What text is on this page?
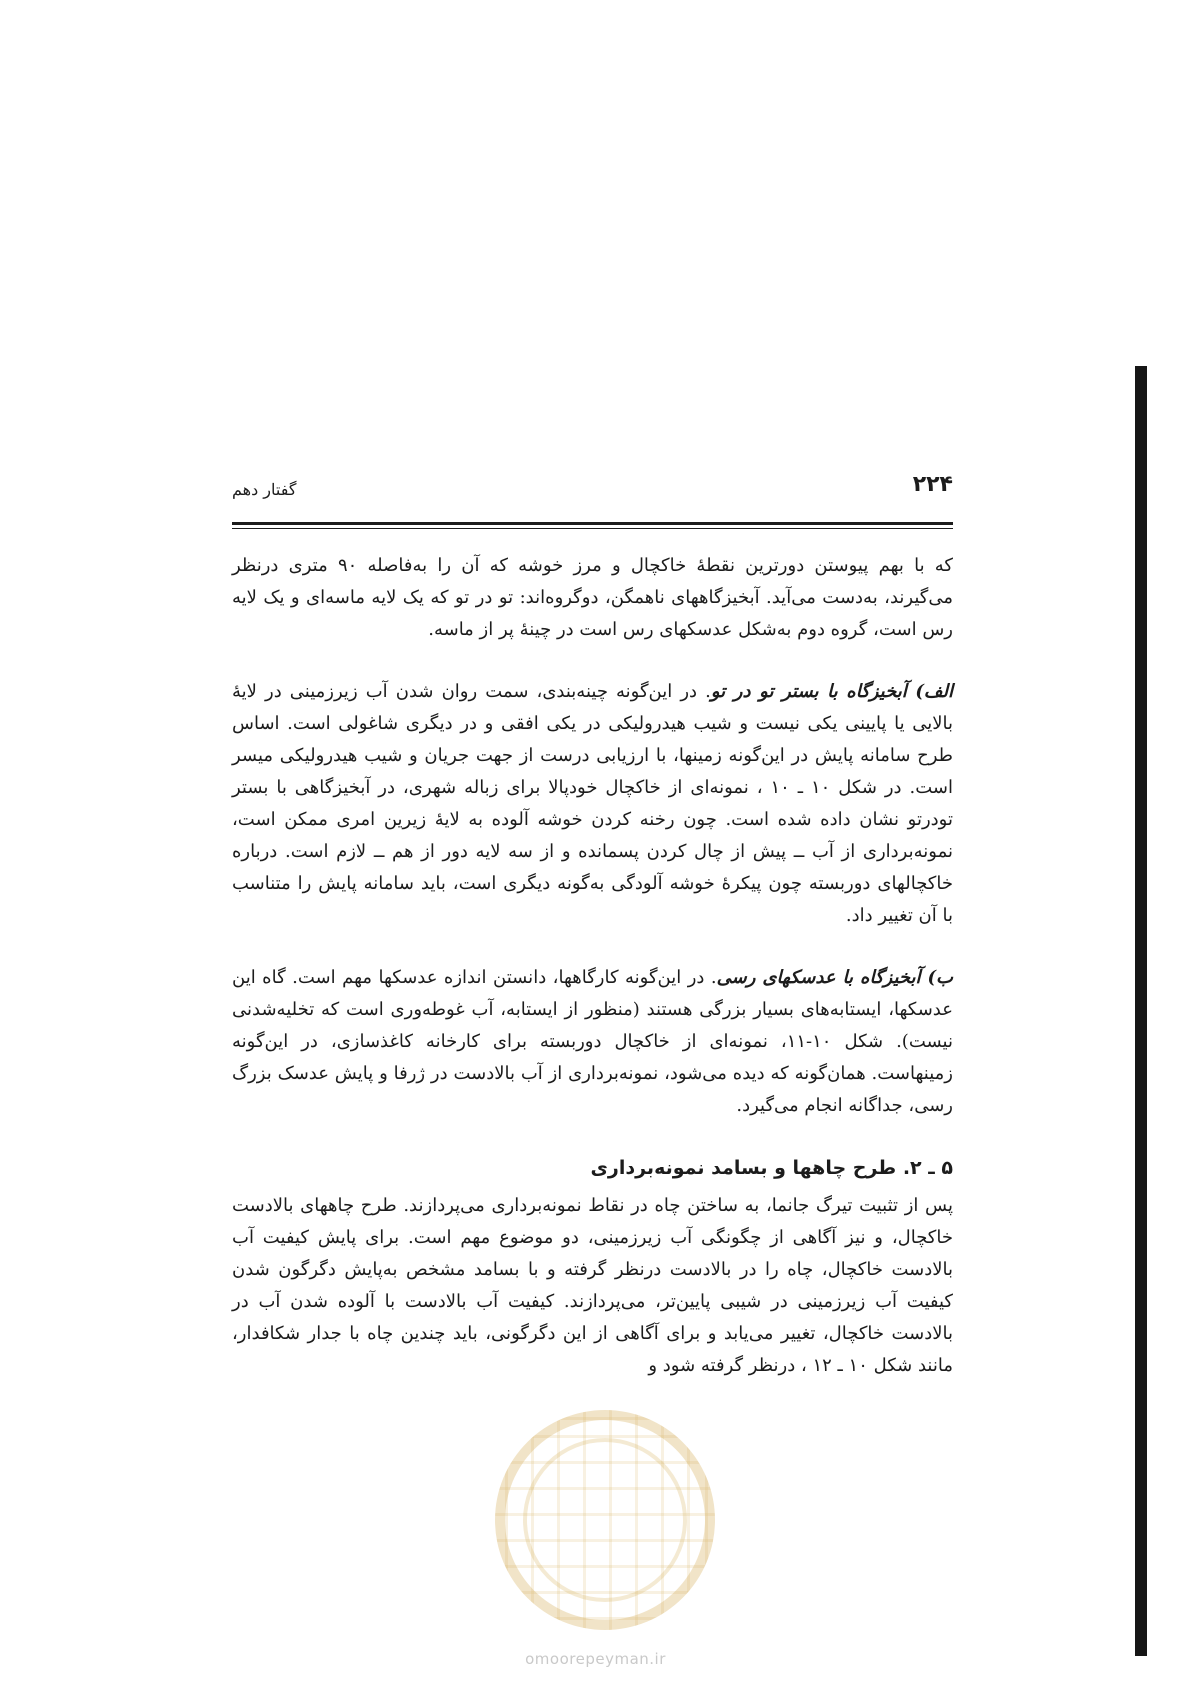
۲۲۴
گفتار دهم

که با بهم پیوستن دورترین نقطهٔ خاکچال و مرز خوشه که آن را به‌فاصله ۹۰ متری درنظر می‌گیرند، به‌دست می‌آید. آبخیزگاههای ناهمگن، دوگروه‌اند: تو در تو که یک لایه ماسه‌ای و یک لایه رس است، گروه دوم به‌شکل عدسکهای رس است در چینهٔ پر از ماسه.

الف) آبخیزگاه با بستر تو در تو. در این‌گونه چینه‌بندی، سمت روان شدن آب زیرزمینی در لایهٔ بالایی یا پایینی یکی نیست و شیب هیدرولیکی در یکی افقی و در دیگری شاغولی است. اساس طرح سامانه پایش در این‌گونه زمینها، با ارزیابی درست از جهت جریان و شیب هیدرولیکی میسر است. در شکل ۱۰ ـ ۱۰ ، نمونه‌ای از خاکچال خودپالا برای زباله شهری، در آبخیزگاهی با بستر تودرتو نشان داده شده است. چون رخنه کردن خوشه آلوده به لایهٔ زیرین امری ممکن است، نمونه‌برداری از آب ــ پیش از چال کردن پسمانده و از سه لایه دور از هم ــ لازم است. درباره خاکچالهای دوربسته چون پیکرهٔ خوشه آلودگی به‌گونه دیگری است، باید سامانه پایش را متناسب با آن تغییر داد.

ب) آبخیزگاه با عدسکهای رسی. در این‌گونه کارگاهها، دانستن اندازه عدسکها مهم است. گاه این عدسکها، ایستابه‌های بسیار بزرگی هستند (منظور از ایستابه، آب غوطه‌وری است که تخلیه‌شدنی نیست). شکل ۱۰-۱۱، نمونه‌ای از خاکچال دوربسته برای کارخانه کاغذسازی، در این‌گونه زمینهاست. همان‌گونه که دیده می‌شود، نمونه‌برداری از آب بالادست در ژرفا و پایش عدسک بزرگ رسی، جداگانه انجام می‌گیرد.

۵ ـ ۲. طرح چاهها و بسامد نمونه‌برداری

پس از تثبیت تیرگ جانما، به ساختن چاه در نقاط نمونه‌برداری می‌پردازند. طرح چاههای بالادست خاکچال، و نیز آگاهی از چگونگی آب زیرزمینی، دو موضوع مهم است. برای پایش کیفیت آب بالادست خاکچال، چاه را در بالادست درنظر گرفته و با بسامد مشخص به‌پایش دگرگون شدن کیفیت آب زیرزمینی در شیبی پایین‌تر، می‌پردازند. کیفیت آب بالادست با آلوده شدن آب در بالادست خاکچال، تغییر می‌یابد و برای آگاهی از این دگرگونی، باید چندین چاه با جدار شکافدار، مانند شکل ۱۰ ـ ۱۲ ، درنظر گرفته شود و

omoorepeyman.ir
